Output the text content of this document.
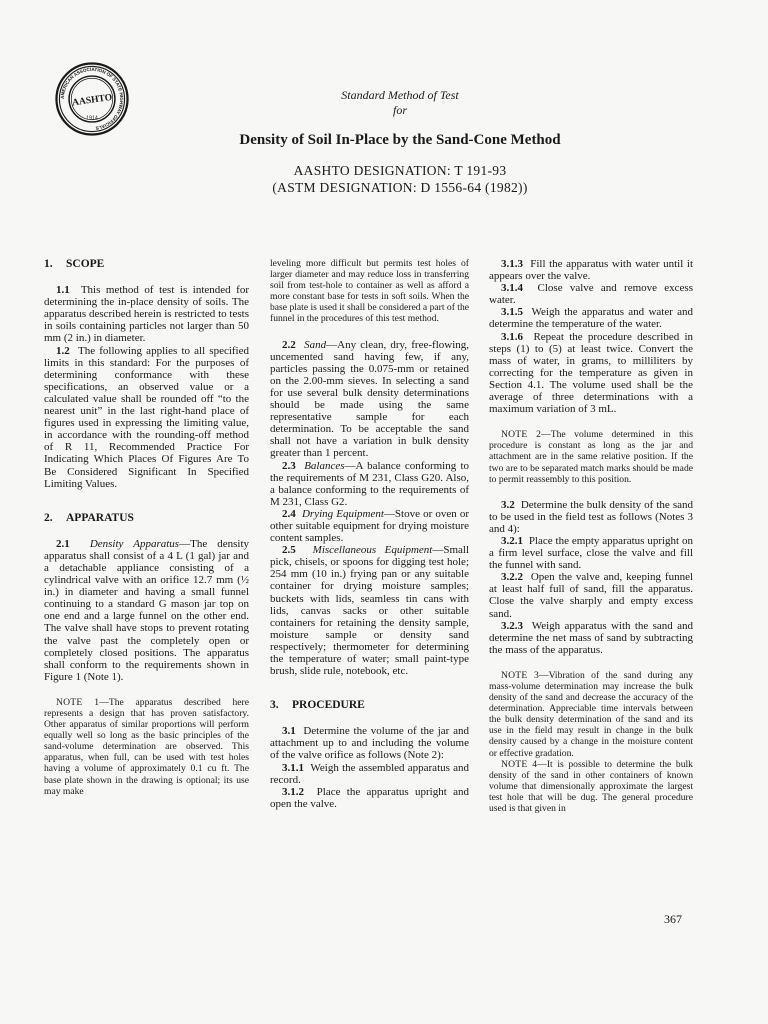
AMERICAN ASSOCIATION OF STATE HIGHWAY OFFICIALS
AASHTO
1914
Standard Method of Test
for
Density of Soil In-Place by the Sand-Cone Method
AASHTO DESIGNATION: T 191-93
(ASTM DESIGNATION: D 1556-64 (1982))
1. SCOPE

1.1 This method of test is intended for determining the in-place density of soils. The apparatus described herein is restricted to tests in soils containing particles not larger than 50 mm (2 in.) in diameter.

1.2 The following applies to all specified limits in this standard: For the purposes of determining conformance with these specifications, an observed value or a calculated value shall be rounded off “to the nearest unit” in the last right-hand place of figures used in expressing the limiting value, in accordance with the rounding-off method of R 11, Recommended Practice For Indicating Which Places Of Figures Are To Be Considered Significant In Specified Limiting Values.

2. APPARATUS

2.1 Density Apparatus—The density apparatus shall consist of a 4 L (1 gal) jar and a detachable appliance consisting of a cylindrical valve with an orifice 12.7 mm (½ in.) in diameter and having a small funnel continuing to a standard G mason jar top on one end and a large funnel on the other end. The valve shall have stops to prevent rotating the valve past the completely open or completely closed positions. The apparatus shall conform to the requirements shown in Figure 1 (Note 1).

NOTE 1—The apparatus described here represents a design that has proven satisfactory. Other apparatus of similar proportions will perform equally well so long as the basic principles of the sand-volume determination are observed. This apparatus, when full, can be used with test holes having a volume of approximately 0.1 cu ft. The base plate shown in the drawing is optional; its use may make

leveling more difficult but permits test holes of larger diameter and may reduce loss in transferring soil from test-hole to container as well as afford a more constant base for tests in soft soils. When the base plate is used it shall be considered a part of the funnel in the procedures of this test method.

2.2 Sand—Any clean, dry, free-flowing, uncemented sand having few, if any, particles passing the 0.075-mm or retained on the 2.00-mm sieves. In selecting a sand for use several bulk density determinations should be made using the same representative sample for each determination. To be acceptable the sand shall not have a variation in bulk density greater than 1 percent.

2.3 Balances—A balance conforming to the requirements of M 231, Class G20. Also, a balance conforming to the requirements of M 231, Class G2.

2.4 Drying Equipment—Stove or oven or other suitable equipment for drying moisture content samples.

2.5 Miscellaneous Equipment—Small pick, chisels, or spoons for digging test hole; 254 mm (10 in.) frying pan or any suitable container for drying moisture samples; buckets with lids, seamless tin cans with lids, canvas sacks or other suitable containers for retaining the density sample, moisture sample or density sand respectively; thermometer for determining the temperature of water; small paint-type brush, slide rule, notebook, etc.

3. PROCEDURE

3.1 Determine the volume of the jar and attachment up to and including the volume of the valve orifice as follows (Note 2):

3.1.1 Weigh the assembled apparatus and record.

3.1.2 Place the apparatus upright and open the valve.

3.1.3 Fill the apparatus with water until it appears over the valve.

3.1.4 Close valve and remove excess water.

3.1.5 Weigh the apparatus and water and determine the temperature of the water.

3.1.6 Repeat the procedure described in steps (1) to (5) at least twice. Convert the mass of water, in grams, to milliliters by correcting for the temperature as given in Section 4.1. The volume used shall be the average of three determinations with a maximum variation of 3 mL.

NOTE 2—The volume determined in this procedure is constant as long as the jar and attachment are in the same relative position. If the two are to be separated match marks should be made to permit reassembly to this position.

3.2 Determine the bulk density of the sand to be used in the field test as follows (Notes 3 and 4):

3.2.1 Place the empty apparatus upright on a firm level surface, close the valve and fill the funnel with sand.

3.2.2 Open the valve and, keeping funnel at least half full of sand, fill the apparatus. Close the valve sharply and empty excess sand.

3.2.3 Weigh apparatus with the sand and determine the net mass of sand by subtracting the mass of the apparatus.

NOTE 3—Vibration of the sand during any mass-volume determination may increase the bulk density of the sand and decrease the accuracy of the determination. Appreciable time intervals between the bulk density determination of the sand and its use in the field may result in change in the bulk density caused by a change in the moisture content or effective gradation.

NOTE 4—It is possible to determine the bulk density of the sand in other containers of known volume that dimensionally approximate the largest test hole that will be dug. The general procedure used is that given in

367
